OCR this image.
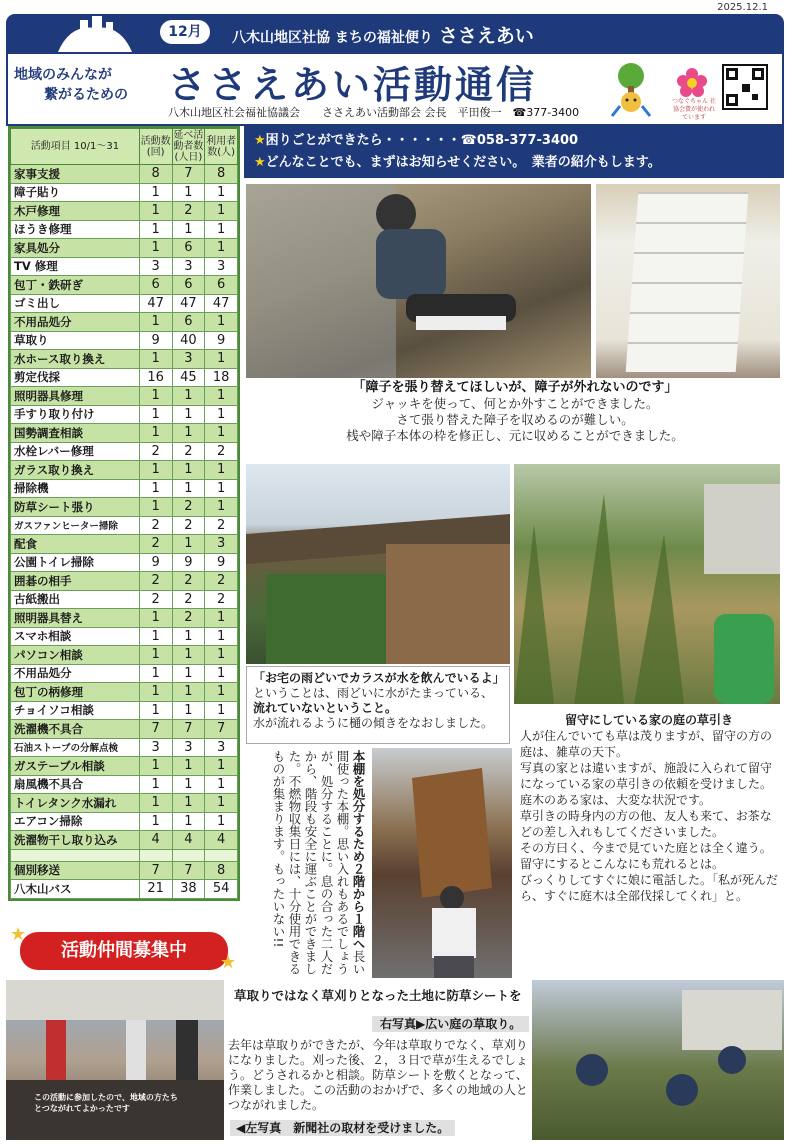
2025.12.1
12月	八木山地区社協 まちの福祉便り ささえあい
地域のみんなが
繋がるための ささえあい活動通信
八木山地区社会福祉協議会　　ささえあい活動部会 会長　平田俊一　☎377-3400
つなぐちゃん 社協会費が使われています
活動項目 10/1〜31	活動数(回)	延べ活動者数(人日)	利用者数(人)
家事支援	8	7	8
障子貼り	1	1	1
木戸修理	1	2	1
ほうき修理	1	1	1
家具処分	1	6	1
TV 修理	3	3	3
包丁・鉄研ぎ	6	6	6
ゴミ出し	47	47	47
不用品処分	1	6	1
草取り	9	40	9
水ホース取り換え	1	3	1
剪定伐採	16	45	18
照明器具修理	1	1	1
手すり取り付け	1	1	1
国勢調査相談	1	1	1
水栓レバー修理	2	2	2
ガラス取り換え	1	1	1
掃除機	1	1	1
防草シート張り	1	2	1
ガスファンヒーター掃除	2	2	2
配食	2	1	3
公園トイレ掃除	9	9	9
囲碁の相手	2	2	2
古紙搬出	2	2	2
照明器具替え	1	2	1
スマホ相談	1	1	1
パソコン相談	1	1	1
不用品処分	1	1	1
包丁の柄修理	1	1	1
チョイソコ相談	1	1	1
洗濯機不具合	7	7	7
石油ストーブの分解点検	3	3	3
ガステーブル相談	1	1	1
扇風機不具合	1	1	1
トイレタンク水漏れ	1	1	1
エアコン掃除	1	1	1
洗濯物干し取り込み	4	4	4

個別移送	7	7	8
八木山バス	21	38	54
活動仲間募集中
★
★
★困りごとができたら・・・・・・☎058-377-3400
★どんなことでも、まずはお知らせください。　業者の紹介もします。
「障子を張り替えてほしいが、障子が外れないのです」
ジャッキを使って、何とか外すことができました。
さて張り替えた障子を収めるのが難しい。
桟や障子本体の枠を修正し、元に収めることができました。
「お宅の雨どいでカラスが水を飲んでいるよ」
ということは、雨どいに水がたまっている、
流れていないということ。
水が流れるように樋の傾きをなおしました。	留守にしている家の庭の草引き
人が住んでいても草は茂りますが、留守の方の庭は、雑草の天下。
写真の家とは違いますが、施設に入られて留守になっている家の草引きの依頼を受けました。
庭木のある家は、大変な状況です。
草引きの時身内の方の他、友人も来て、お茶などの差し入れもしてくださいました。
その方曰く、今まで見ていた庭とは全く違う。留守にするとこんなにも荒れるとは。
びっくりしてすぐに娘に電話した。「私が死んだら、すぐに庭木は全部伐採してくれ」と。
本棚を処分するため２階から１階へ長い間使った本棚。思い入れもあるでしょうが、処分することに。息の合った二人だから、階段も安全に運ぶことができました。不燃物収集日には、十分使用できるものが集まります。もったいない!!
この活動に参加したので、地域の方たちとつながれてよかったです
草取りではなく草刈りとなった土地に防草シートを
右写真▶広い庭の草取り。
去年は草取りができたが、今年は草取りでなく、草刈りになりました。刈った後、２，３日で草が生えるでしょう。どうされるかと相談。防草シートを敷くとなって、作業しました。この活動のおかげで、多くの地域の人とつながれました。
◀左写真　新聞社の取材を受けました。
